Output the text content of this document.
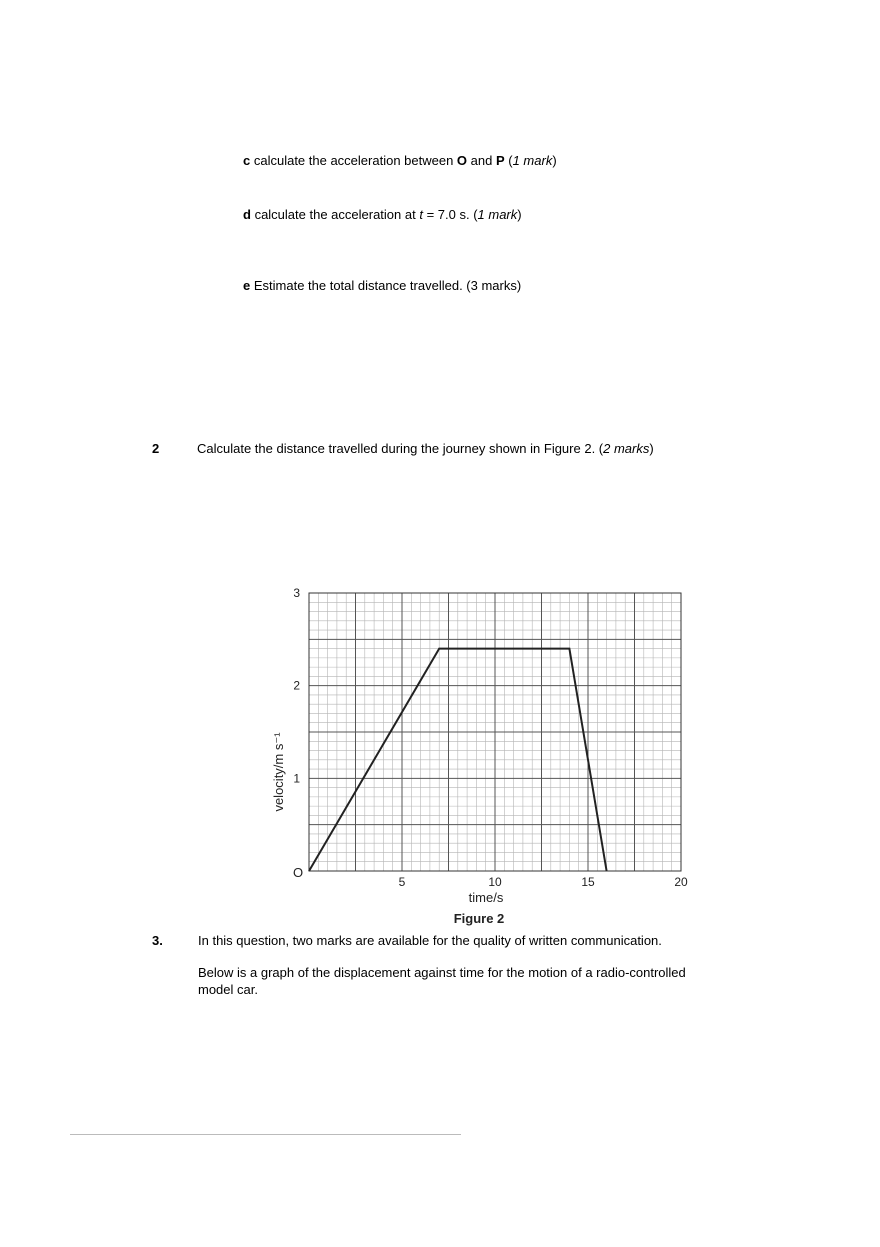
c calculate the acceleration between O and P (1 mark)
d calculate the acceleration at t = 7.0 s. (1 mark)
e Estimate the total distance travelled. (3 marks)
2	Calculate the distance travelled during the journey shown in Figure 2. (2 marks)
5	10	15	20
1
2
3
O
time/s
velocity/m s⁻¹
Figure 2
3.	In this question, two marks are available for the quality of written communication.
Below is a graph of the displacement against time for the motion of a radio-controlled
model car.
